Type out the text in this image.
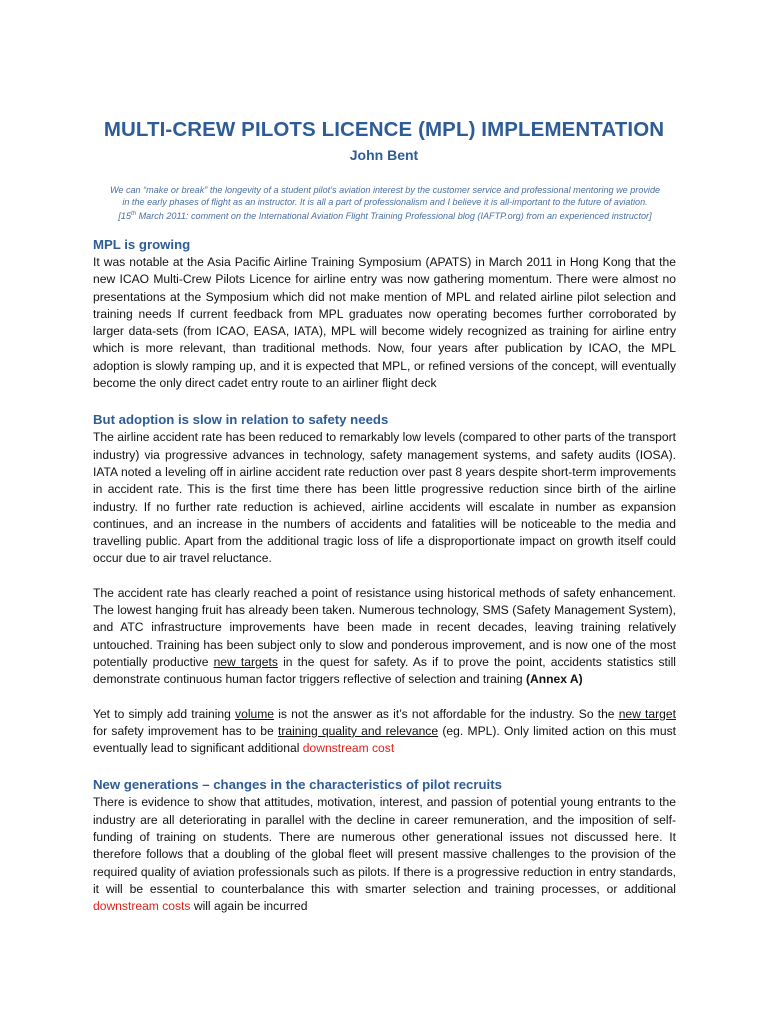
MULTI-CREW PILOTS LICENCE (MPL) IMPLEMENTATION
John Bent
We can “make or break” the longevity of a student pilot’s aviation interest by the customer service and professional mentoring we provide
in the early phases of flight as an instructor. It is all a part of professionalism and I believe it is all-important to the future of aviation.
[15th March 2011: comment on the International Aviation Flight Training Professional blog (IAFTP.org) from an experienced instructor]
MPL is growing

It was notable at the Asia Pacific Airline Training Symposium (APATS) in March 2011 in Hong Kong that the new ICAO Multi-Crew Pilots Licence for airline entry was now gathering momentum. There were almost no presentations at the Symposium which did not make mention of MPL and related airline pilot selection and training needs If current feedback from MPL graduates now operating becomes further corroborated by larger data-sets (from ICAO, EASA, IATA), MPL will become widely recognized as training for airline entry which is more relevant, than traditional methods. Now, four years after publication by ICAO, the MPL adoption is slowly ramping up, and it is expected that MPL, or refined versions of the concept, will eventually become the only direct cadet entry route to an airliner flight deck

But adoption is slow in relation to safety needs

The airline accident rate has been reduced to remarkably low levels (compared to other parts of the transport industry) via progressive advances in technology, safety management systems, and safety audits (IOSA). IATA noted a leveling off in airline accident rate reduction over past 8 years despite short-term improvements in accident rate. This is the first time there has been little progressive reduction since birth of the airline industry. If no further rate reduction is achieved, airline accidents will escalate in number as expansion continues, and an increase in the numbers of accidents and fatalities will be noticeable to the media and travelling public. Apart from the additional tragic loss of life a disproportionate impact on growth itself could occur due to air travel reluctance.

The accident rate has clearly reached a point of resistance using historical methods of safety enhancement. The lowest hanging fruit has already been taken. Numerous technology, SMS (Safety Management System), and ATC infrastructure improvements have been made in recent decades, leaving training relatively untouched. Training has been subject only to slow and ponderous improvement, and is now one of the most potentially productive new targets in the quest for safety. As if to prove the point, accidents statistics still demonstrate continuous human factor triggers reflective of selection and training (Annex A)

Yet to simply add training volume is not the answer as it’s not affordable for the industry. So the new target for safety improvement has to be training quality and relevance (eg. MPL). Only limited action on this must eventually lead to significant additional downstream cost

New generations – changes in the characteristics of pilot recruits

There is evidence to show that attitudes, motivation, interest, and passion of potential young entrants to the industry are all deteriorating in parallel with the decline in career remuneration, and the imposition of self-funding of training on students. There are numerous other generational issues not discussed here. It therefore follows that a doubling of the global fleet will present massive challenges to the provision of the required quality of aviation professionals such as pilots. If there is a progressive reduction in entry standards, it will be essential to counterbalance this with smarter selection and training processes, or additional downstream costs will again be incurred
